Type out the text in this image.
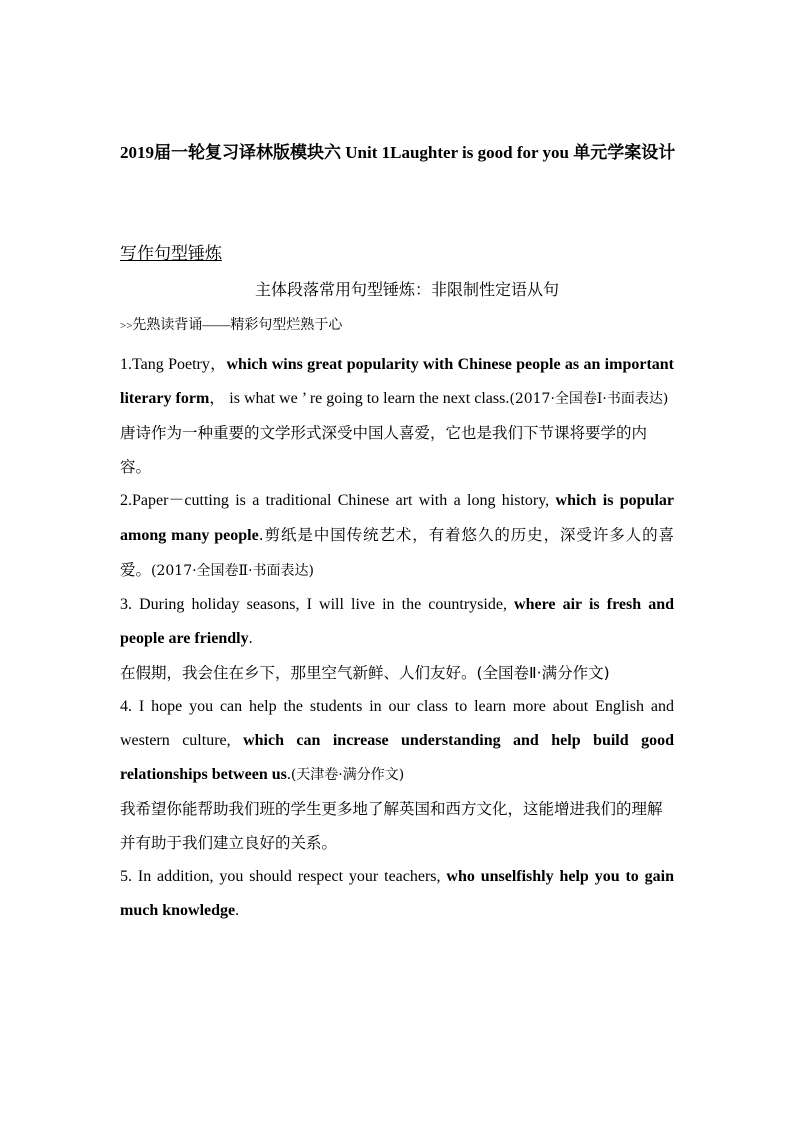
2019届一轮复习译林版模块六 Unit 1Laughter is good for you 单元学案设计
写作句型锤炼
主体段落常用句型锤炼：非限制性定语从句
>>先熟读背诵——精彩句型烂熟于心

1.Tang Poetry，which wins great popularity with Chinese people as an important literary form， is what we ’ re going to learn the next class.(2017·全国卷Ⅰ·书面表达)

唐诗作为一种重要的文学形式深受中国人喜爱，它也是我们下节课将要学的内容。

2.Paper－cutting is a traditional Chinese art with a long history, which is popular among many people.剪纸是中国传统艺术，有着悠久的历史，深受许多人的喜爱。(2017·全国卷Ⅱ·书面表达)

3. During holiday seasons, I will live in the countryside, where air is fresh and people are friendly.

在假期，我会住在乡下，那里空气新鲜、人们友好。(全国卷Ⅱ·满分作文)

4. I hope you can help the students in our class to learn more about English and western culture, which can increase understanding and help build good relationships between us.(天津卷·满分作文)

我希望你能帮助我们班的学生更多地了解英国和西方文化，这能增进我们的理解并有助于我们建立良好的关系。

5. In addition, you should respect your teachers, who unselfishly help you to gain much knowledge.
